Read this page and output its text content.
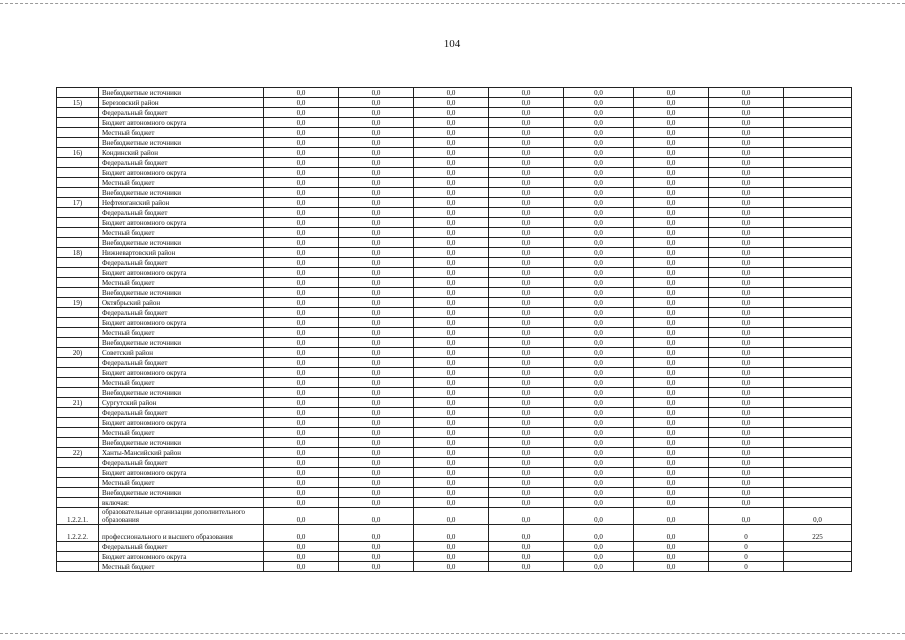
104
	Внебюджетные источники	0,0	0,0	0,0	0,0	0,0	0,0	0,0	
15)	Березовский район	0,0	0,0	0,0	0,0	0,0	0,0	0,0	
	Федеральный бюджет	0,0	0,0	0,0	0,0	0,0	0,0	0,0	
	Бюджет автономного округа	0,0	0,0	0,0	0,0	0,0	0,0	0,0	
	Местный бюджет	0,0	0,0	0,0	0,0	0,0	0,0	0,0	
	Внебюджетные источники	0,0	0,0	0,0	0,0	0,0	0,0	0,0	
16)	Кондинский район	0,0	0,0	0,0	0,0	0,0	0,0	0,0	
	Федеральный бюджет	0,0	0,0	0,0	0,0	0,0	0,0	0,0	
	Бюджет автономного округа	0,0	0,0	0,0	0,0	0,0	0,0	0,0	
	Местный бюджет	0,0	0,0	0,0	0,0	0,0	0,0	0,0	
	Внебюджетные источники	0,0	0,0	0,0	0,0	0,0	0,0	0,0	
17)	Нефтеюганский район	0,0	0,0	0,0	0,0	0,0	0,0	0,0	
	Федеральный бюджет	0,0	0,0	0,0	0,0	0,0	0,0	0,0	
	Бюджет автономного округа	0,0	0,0	0,0	0,0	0,0	0,0	0,0	
	Местный бюджет	0,0	0,0	0,0	0,0	0,0	0,0	0,0	
	Внебюджетные источники	0,0	0,0	0,0	0,0	0,0	0,0	0,0	
18)	Нижневартовский район	0,0	0,0	0,0	0,0	0,0	0,0	0,0	
	Федеральный бюджет	0,0	0,0	0,0	0,0	0,0	0,0	0,0	
	Бюджет автономного округа	0,0	0,0	0,0	0,0	0,0	0,0	0,0	
	Местный бюджет	0,0	0,0	0,0	0,0	0,0	0,0	0,0	
	Внебюджетные источники	0,0	0,0	0,0	0,0	0,0	0,0	0,0	
19)	Октябрьский район	0,0	0,0	0,0	0,0	0,0	0,0	0,0	
	Федеральный бюджет	0,0	0,0	0,0	0,0	0,0	0,0	0,0	
	Бюджет автономного округа	0,0	0,0	0,0	0,0	0,0	0,0	0,0	
	Местный бюджет	0,0	0,0	0,0	0,0	0,0	0,0	0,0	
	Внебюджетные источники	0,0	0,0	0,0	0,0	0,0	0,0	0,0	
20)	Советский район	0,0	0,0	0,0	0,0	0,0	0,0	0,0	
	Федеральный бюджет	0,0	0,0	0,0	0,0	0,0	0,0	0,0	
	Бюджет автономного округа	0,0	0,0	0,0	0,0	0,0	0,0	0,0	
	Местный бюджет	0,0	0,0	0,0	0,0	0,0	0,0	0,0	
	Внебюджетные источники	0,0	0,0	0,0	0,0	0,0	0,0	0,0	
21)	Сургутский район	0,0	0,0	0,0	0,0	0,0	0,0	0,0	
	Федеральный бюджет	0,0	0,0	0,0	0,0	0,0	0,0	0,0	
	Бюджет автономного округа	0,0	0,0	0,0	0,0	0,0	0,0	0,0	
	Местный бюджет	0,0	0,0	0,0	0,0	0,0	0,0	0,0	
	Внебюджетные источники	0,0	0,0	0,0	0,0	0,0	0,0	0,0	
22)	Ханты-Мансийский район	0,0	0,0	0,0	0,0	0,0	0,0	0,0	
	Федеральный бюджет	0,0	0,0	0,0	0,0	0,0	0,0	0,0	
	Бюджет автономного округа	0,0	0,0	0,0	0,0	0,0	0,0	0,0	
	Местный бюджет	0,0	0,0	0,0	0,0	0,0	0,0	0,0	
	Внебюджетные источники	0,0	0,0	0,0	0,0	0,0	0,0	0,0	
	включая:	0,0	0,0	0,0	0,0	0,0	0,0	0,0	
1.2.2.1.	образовательные организации дополнительного образования	0,0	0,0	0,0	0,0	0,0	0,0	0,0	0,0
1.2.2.2.	профессионального и высшего образования	0,0	0,0	0,0	0,0	0,0	0,0	0	225
	Федеральный бюджет	0,0	0,0	0,0	0,0	0,0	0,0	0	
	Бюджет автономного округа	0,0	0,0	0,0	0,0	0,0	0,0	0	
	Местный бюджет	0,0	0,0	0,0	0,0	0,0	0,0	0	
